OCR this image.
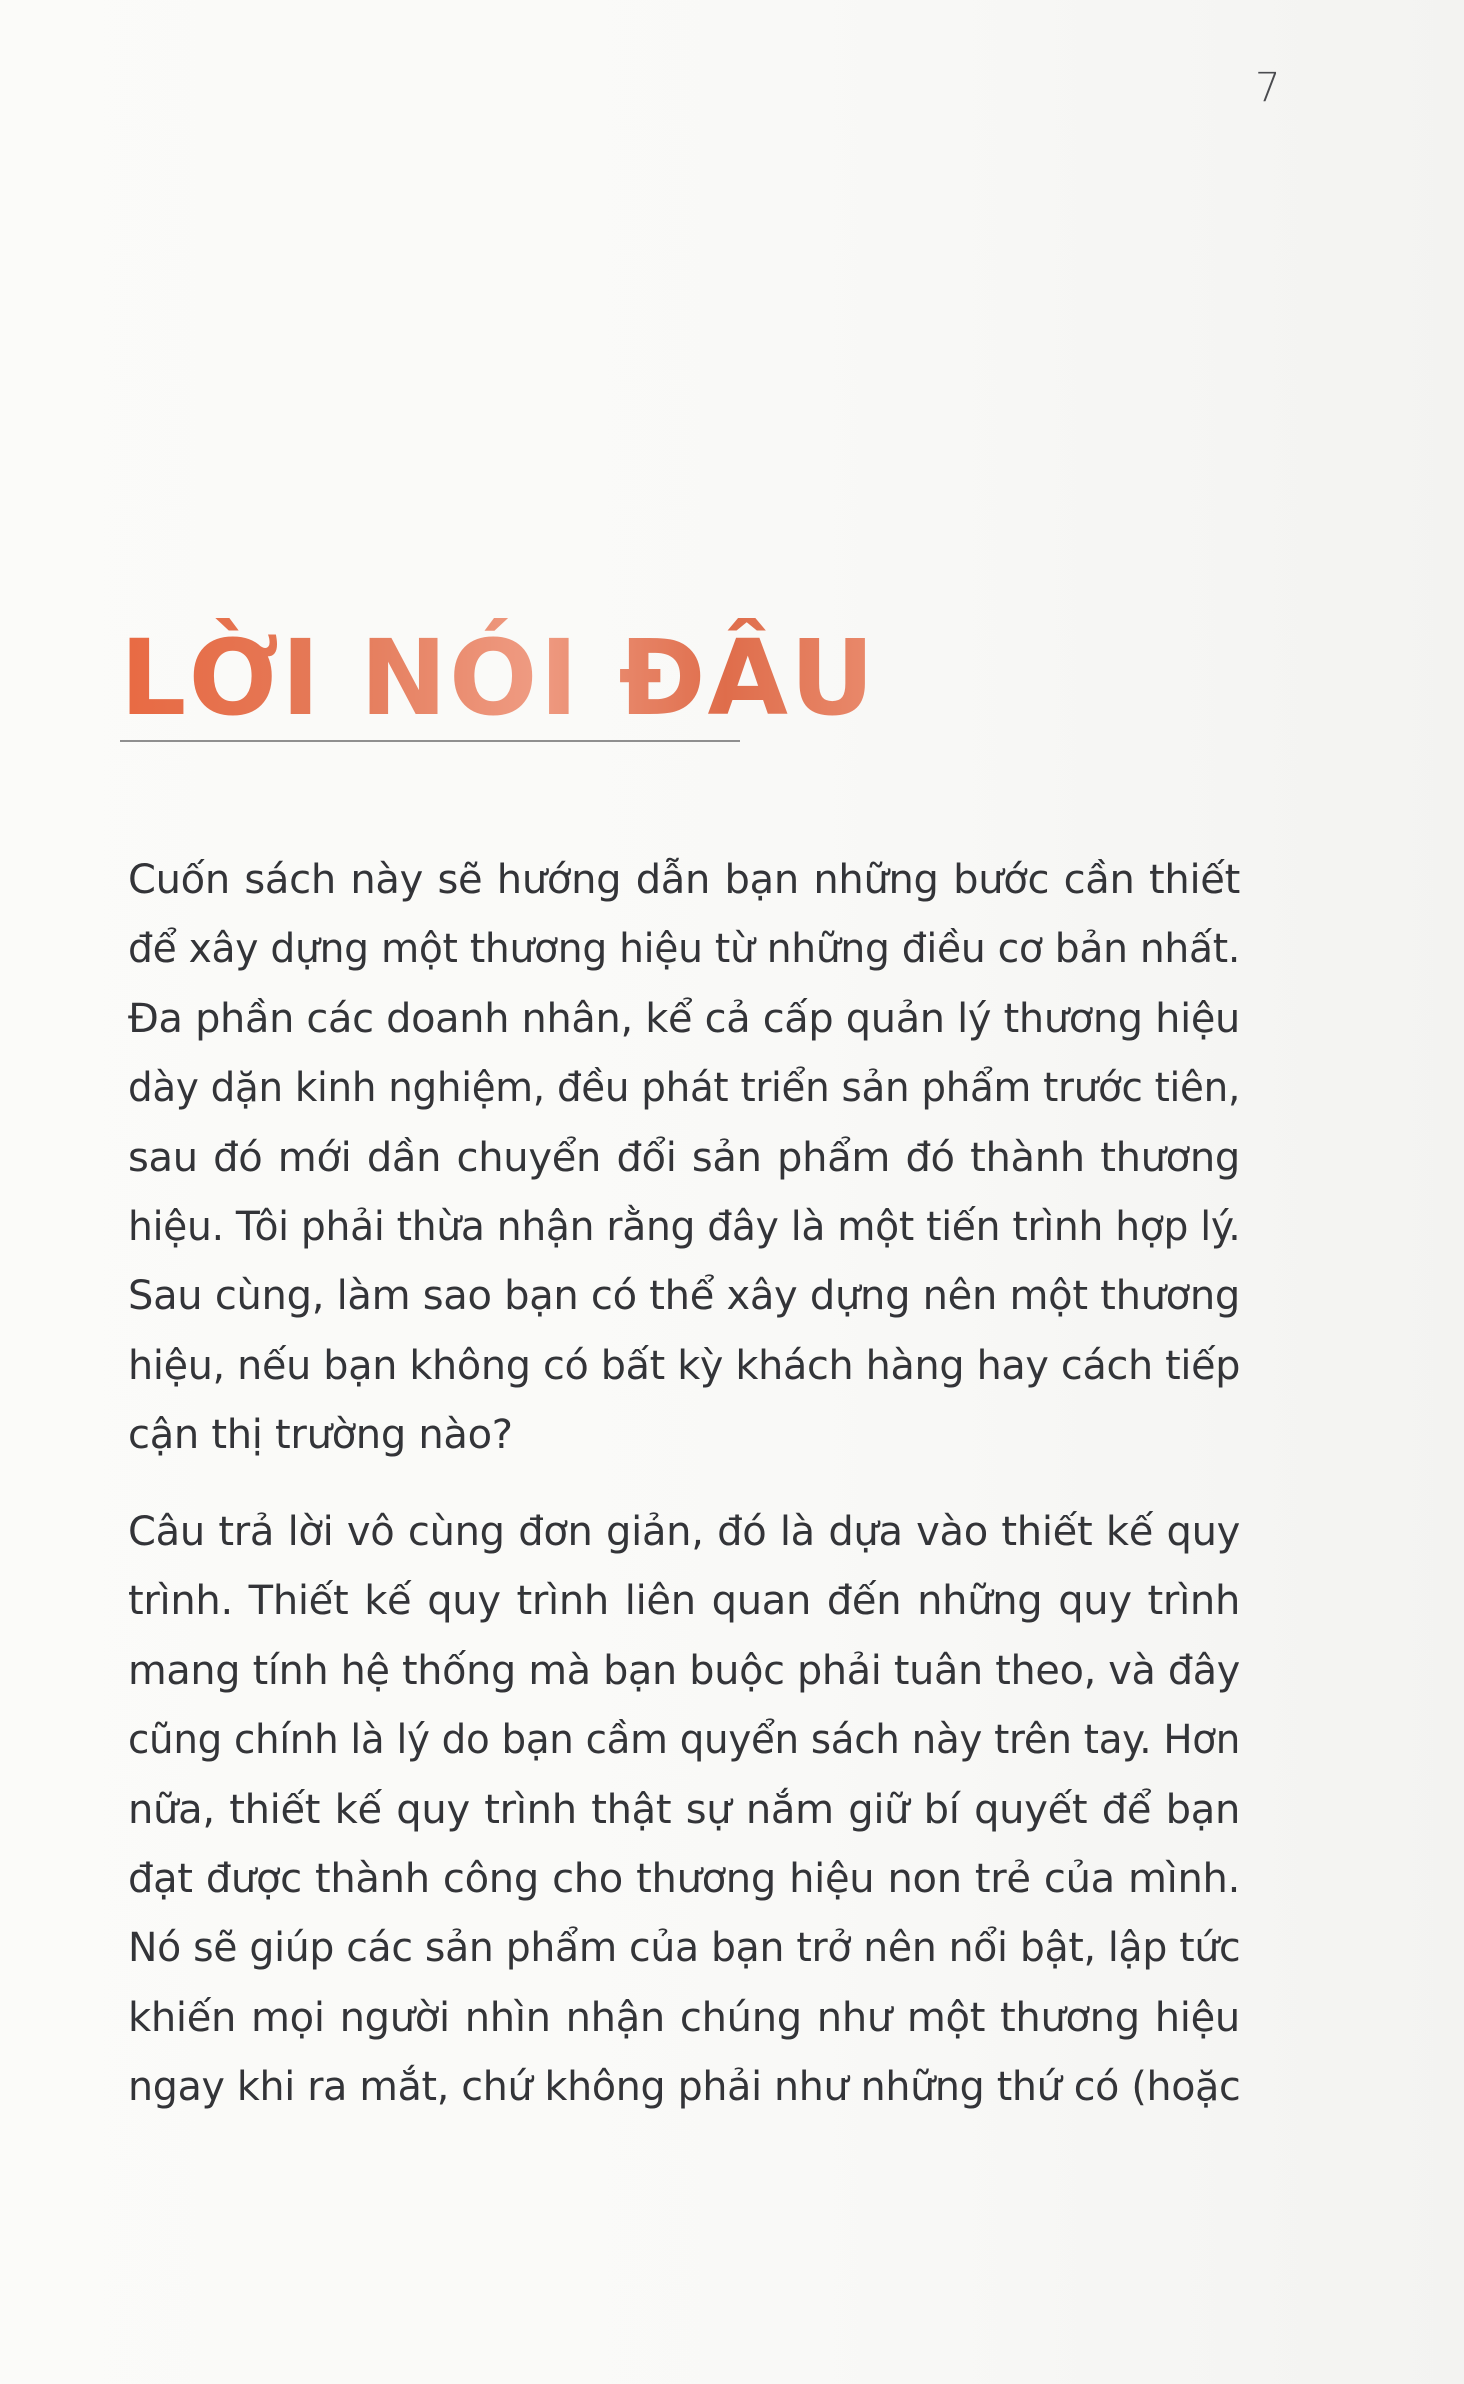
7
LỜI NÓI ĐẦU

Cuốn sách này sẽ hướng dẫn bạn những bước cần thiết
để xây dựng một thương hiệu từ những điều cơ bản nhất.
Đa phần các doanh nhân, kể cả cấp quản lý thương hiệu
dày dặn kinh nghiệm, đều phát triển sản phẩm trước tiên,
sau đó mới dần chuyển đổi sản phẩm đó thành thương
hiệu. Tôi phải thừa nhận rằng đây là một tiến trình hợp lý.
Sau cùng, làm sao bạn có thể xây dựng nên một thương
hiệu, nếu bạn không có bất kỳ khách hàng hay cách tiếp
cận thị trường nào?

Câu trả lời vô cùng đơn giản, đó là dựa vào thiết kế quy
trình. Thiết kế quy trình liên quan đến những quy trình
mang tính hệ thống mà bạn buộc phải tuân theo, và đây
cũng chính là lý do bạn cầm quyển sách này trên tay. Hơn
nữa, thiết kế quy trình thật sự nắm giữ bí quyết để bạn
đạt được thành công cho thương hiệu non trẻ của mình.
Nó sẽ giúp các sản phẩm của bạn trở nên nổi bật, lập tức
khiến mọi người nhìn nhận chúng như một thương hiệu
ngay khi ra mắt, chứ không phải như những thứ có (hoặc
